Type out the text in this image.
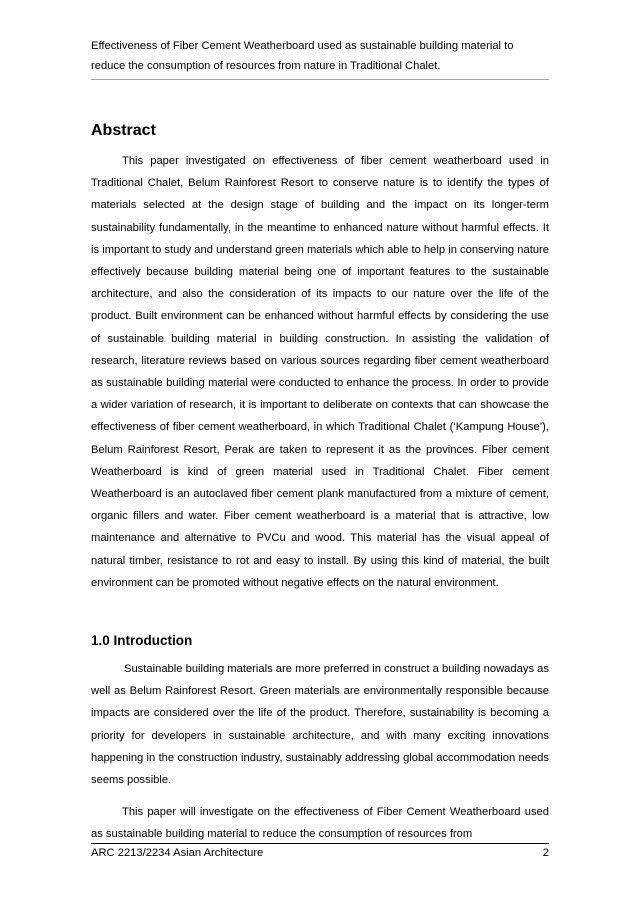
Effectiveness of Fiber Cement Weatherboard used as sustainable building material to reduce the consumption of resources from nature in Traditional Chalet.
Abstract

This paper investigated on effectiveness of fiber cement weatherboard used in Traditional Chalet, Belum Rainforest Resort to conserve nature is to identify the types of materials selected at the design stage of building and the impact on its longer-term sustainability fundamentally, in the meantime to enhanced nature without harmful effects. It is important to study and understand green materials which able to help in conserving nature effectively because building material being one of important features to the sustainable architecture, and also the consideration of its impacts to our nature over the life of the product. Built environment can be enhanced without harmful effects by considering the use of sustainable building material in building construction. In assisting the validation of research, literature reviews based on various sources regarding fiber cement weatherboard as sustainable building material were conducted to enhance the process. In order to provide a wider variation of research, it is important to deliberate on contexts that can showcase the effectiveness of fiber cement weatherboard, in which Traditional Chalet (‘Kampung House’), Belum Rainforest Resort, Perak are taken to represent it as the provinces. Fiber cement Weatherboard is kind of green material used in Traditional Chalet. Fiber cement Weatherboard is an autoclaved fiber cement plank manufactured from a mixture of cement, organic fillers and water. Fiber cement weatherboard is a material that is attractive, low maintenance and alternative to PVCu and wood. This material has the visual appeal of natural timber, resistance to rot and easy to install. By using this kind of material, the built environment can be promoted without negative effects on the natural environment.

1.0 Introduction

Sustainable building materials are more preferred in construct a building nowadays as well as Belum Rainforest Resort. Green materials are environmentally responsible because impacts are considered over the life of the product. Therefore, sustainability is becoming a priority for developers in sustainable architecture, and with many exciting innovations happening in the construction industry, sustainably addressing global accommodation needs seems possible.

This paper will investigate on the effectiveness of Fiber Cement Weatherboard used as sustainable building material to reduce the consumption of resources from

ARC 2213/2234 Asian Architecture	2
